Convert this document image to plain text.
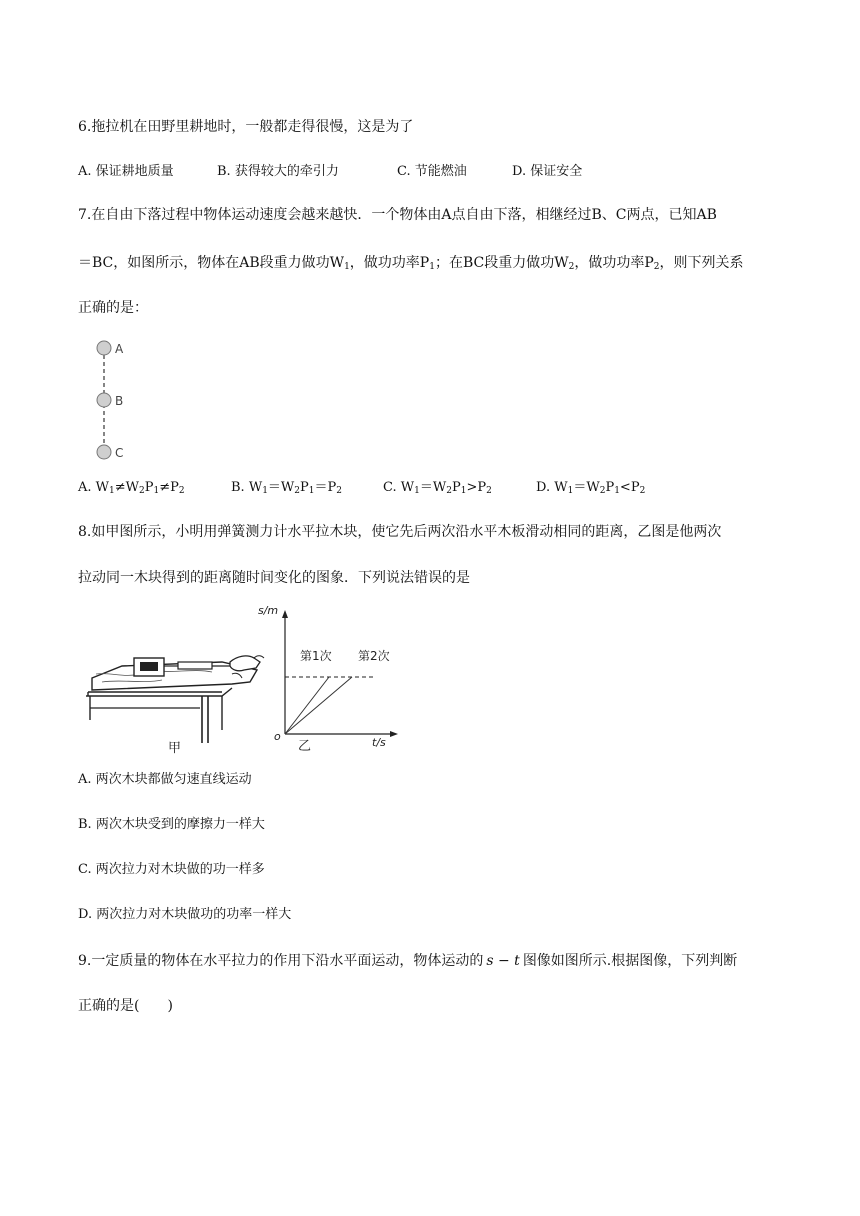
6.拖拉机在田野里耕地时，一般都走得很慢，这是为了
A. 保证耕地质量	B. 获得较大的牵引力	C. 节能燃油	D. 保证安全
7.在自由下落过程中物体运动速度会越来越快．一个物体由A点自由下落，相继经过B、C两点，已知AB
＝BC，如图所示，物体在AB段重力做功$W_1$，做功功率$P_1$；在BC段重力做功$W_2$，做功功率$P_2$，则下列关系
正确的是：
A
B
C
A. $W_1\ne W_2P_1\ne P_2$	B. $W_1=W_2P_1=P_2$	C. $W_1=W_2P_1>P_2$	D. $W_1=W_2P_1<P_2$
8.如甲图所示，小明用弹簧测力计水平拉木块，使它先后两次沿水平木板滑动相同的距离，乙图是他两次
拉动同一木块得到的距离随时间变化的图象．下列说法错误的是
甲
s/m
t/s
o
第1次 第2次
乙
A. 两次木块都做匀速直线运动
B. 两次木块受到的摩擦力一样大
C. 两次拉力对木块做的功一样多
D. 两次拉力对木块做功的功率一样大
9.一定质量的物体在水平拉力的作用下沿水平面运动，物体运动的 s − t 图像如图所示.根据图像，下列判断
正确的是(　　)
